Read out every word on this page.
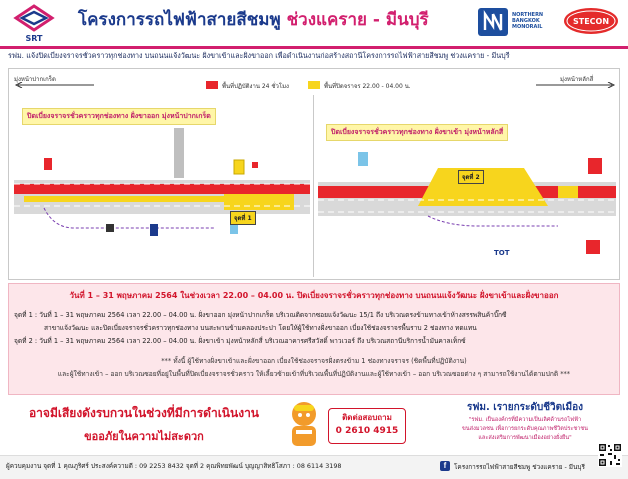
SRT
โครงการรถไฟฟ้าสายสีชมพู ช่วงแคราย - มีนบุรี	NORTHERN BANGKOK MONORAIL
STECON
รฟม. แจ้งปิดเบี่ยงจราจรชั่วคราวทุกช่องทาง บนถนนแจ้งวัฒนะ ฝั่งขาเข้าและฝั่งขาออก เพื่อดำเนินงานก่อสร้างสถานีโครงการรถไฟฟ้าสายสีชมพู ช่วงแคราย - มีนบุรี
มุ่งหน้าปากเกร็ด	มุ่งหน้าหลักสี่
พื้นที่ปฏิบัติงาน 24 ชั่วโมง	พื้นที่ปิดจราจร 22.00 - 04.00 น.
ปิดเบี่ยงจราจรชั่วคราวทุกช่องทาง ฝั่งขาออก มุ่งหน้าปากเกร็ด
ปิดเบี่ยงจราจรชั่วคราวทุกช่องทาง ฝั่งขาเข้า มุ่งหน้าหลักสี่
จุดที่ 1
จุดที่ 2
TOT
วันที่ 1 – 31 พฤษภาคม 2564 ในช่วงเวลา 22.00 – 04.00 น. ปิดเบี่ยงจราจรชั่วคราวทุกช่องทาง บนถนนแจ้งวัฒนะ ฝั่งขาเข้าและฝั่งขาออก
จุดที่ 1 : วันที่ 1 – 31 พฤษภาคม 2564 เวลา 22.00 – 04.00 น. ฝั่งขาออก มุ่งหน้าปากเกร็ด บริเวณติดจากซอยแจ้งวัฒนะ 15/1 ถึง บริเวณตรงข้ามทางเข้าห้างสรรพสินค้าบิ๊กซี
สาขาแจ้งวัฒนะ และปิดเบี่ยงจราจรชั่วคราวทุกช่องทาง บนสะพานข้ามคลองประปา โดยให้ผู้ใช้ทางฝั่งขาออก เบี่ยงใช้ช่องจราจรพื้นราบ 2 ช่องทาง ทดแทน
จุดที่ 2 : วันที่ 1 – 31 พฤษภาคม 2564 เวลา 22.00 – 04.00 น. ฝั่งขาเข้า มุ่งหน้าหลักสี่ บริเวณอาคารศรีสวัสดิ์ พาวเวอร์ ถึง บริเวณสถานีบริการน้ำมันคาลเท็กซ์
*** ทั้งนี้ ผู้ใช้ทางฝั่งขาเข้าและฝั่งขาออก เบี่ยงใช้ช่องจราจรฝั่งตรงข้าม 1 ช่องทางจราจร (ชิดพื้นที่ปฏิบัติงาน)
และผู้ใช้ทางเข้า – ออก บริเวณซอยที่อยู่ในพื้นที่ปิดเบี่ยงจราจรชั่วคราว ให้เลี้ยวซ้ายเข้าที่บริเวณพื้นที่ปฏิบัติงานและผู้ใช้ทางเข้า – ออก บริเวณซอยต่าง ๆ สามารถใช้งานได้ตามปกติ ***
อาจมีเสียงดังรบกวนในช่วงที่มีการดำเนินงาน
ขออภัยในความไม่สะดวก
ติดต่อสอบถาม
0 2610 4915
รฟม. เรายกระดับชีวิตเมือง
"รฟม. เป็นองค์กรที่มีความเป็นเลิศด้านรถไฟฟ้า
ขนส่งมวลชน เพื่อการยกระดับคุณภาพชีวิตประชาชน
และส่งเสริมการพัฒนาเมืองอย่างยั่งยืน"
ผู้ควบคุมงาน จุดที่ 1 คุณภูริศร์ ประสงค์ความดี : 09 2253 8432 จุดที่ 2 คุณพิทยพัฒน์ บุญญาสิทธิโสภา : 08 6114 3198	f	โครงการรถไฟฟ้าสายสีชมพู ช่วงแคราย - มีนบุรี
